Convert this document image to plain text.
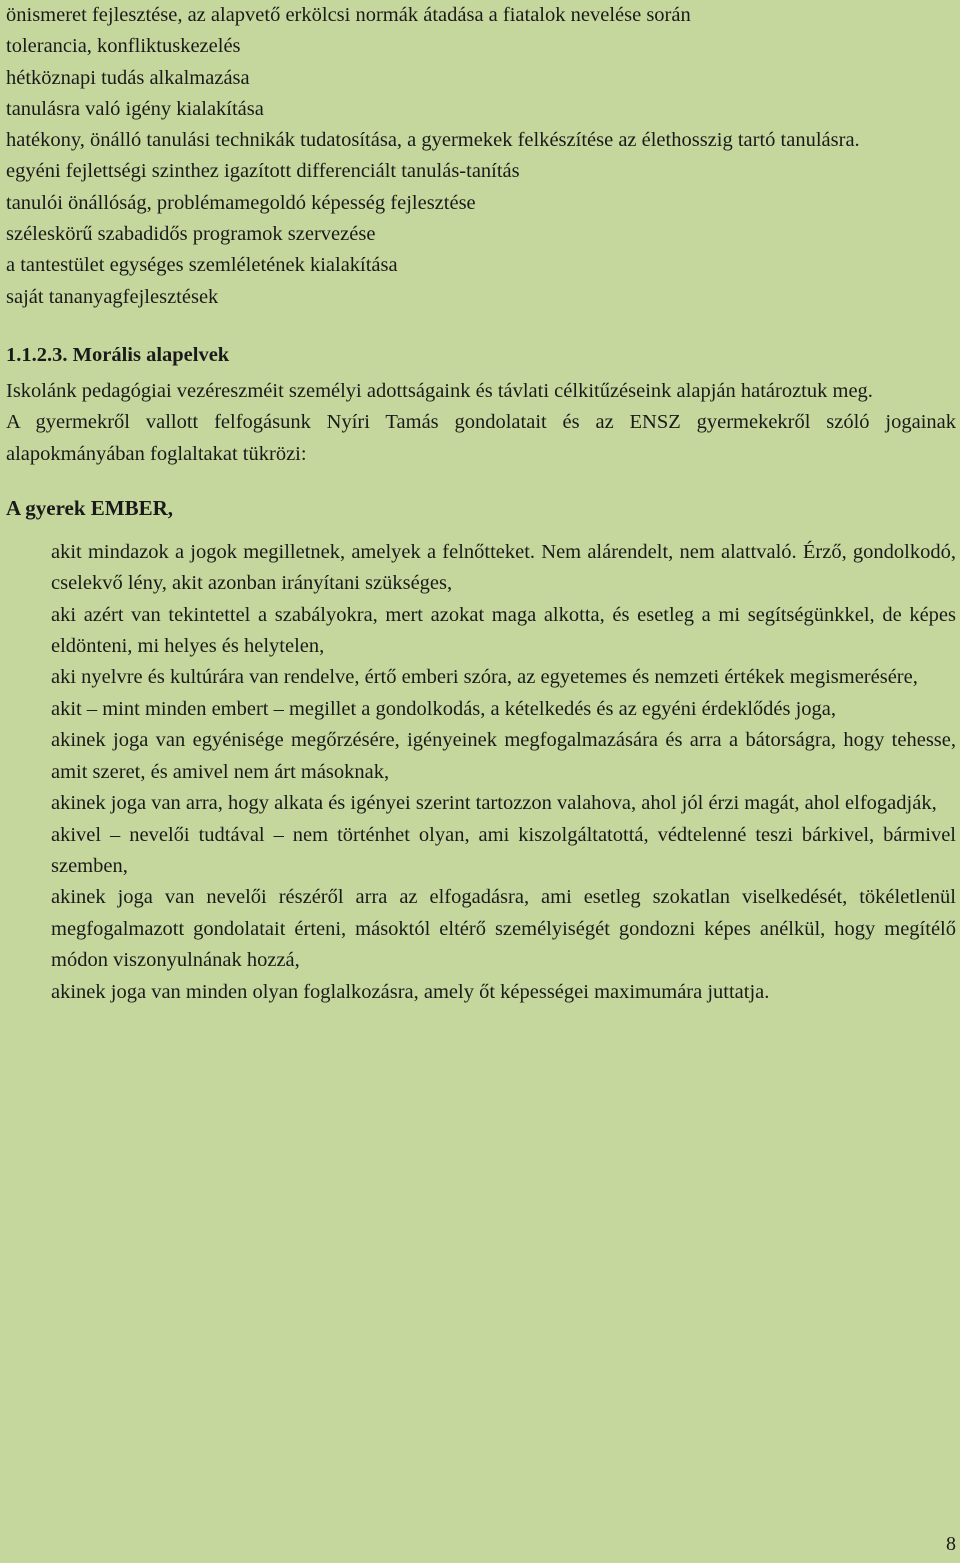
önismeret fejlesztése, az alapvető erkölcsi normák átadása a fiatalok nevelése során
tolerancia, konfliktuskezelés
hétköznapi tudás alkalmazása
tanulásra való igény kialakítása
hatékony, önálló tanulási technikák tudatosítása, a gyermekek felkészítése az élethosszig tartó tanulásra.
egyéni fejlettségi szinthez igazított differenciált tanulás-tanítás
tanulói önállóság, problémamegoldó képesség fejlesztése
széleskörű szabadidős programok szervezése
a tantestület egységes szemléletének kialakítása
saját tananyagfejlesztések
1.1.2.3. Morális alapelvek
Iskolánk pedagógiai vezéreszméit személyi adottságaink és távlati célkitűzéseink alapján határoztuk meg.
A gyermekről vallott felfogásunk Nyíri Tamás gondolatait és az ENSZ gyermekekről szóló jogainak alapokmányában foglaltakat tükrözi:
A gyerek EMBER,
akit mindazok a jogok megilletnek, amelyek a felnőtteket. Nem alárendelt, nem alattvaló. Érző, gondolkodó, cselekvő lény, akit azonban irányítani szükséges,
aki azért van tekintettel a szabályokra, mert azokat maga alkotta, és esetleg a mi segítségünkkel, de képes eldönteni, mi helyes és helytelen,
aki nyelvre és kultúrára van rendelve, értő emberi szóra, az egyetemes és nemzeti értékek megismerésére,
akit – mint minden embert – megillet a gondolkodás, a kételkedés és az egyéni érdeklődés joga,
akinek joga van egyénisége megőrzésére, igényeinek megfogalmazására és arra a bátorságra, hogy tehesse, amit szeret, és amivel nem árt másoknak,
akinek joga van arra, hogy alkata és igényei szerint tartozzon valahova, ahol jól érzi magát, ahol elfogadják,
akivel – nevelői tudtával – nem történhet olyan, ami kiszolgáltatottá, védtelenné teszi bárkivel, bármivel szemben,
akinek joga van nevelői részéről arra az elfogadásra, ami esetleg szokatlan viselkedését, tökéletlenül megfogalmazott gondolatait érteni, másoktól eltérő személyiségét gondozni képes anélkül, hogy megítélő módon viszonyulnának hozzá,
akinek joga van minden olyan foglalkozásra, amely őt képességei maximumára juttatja.
8
